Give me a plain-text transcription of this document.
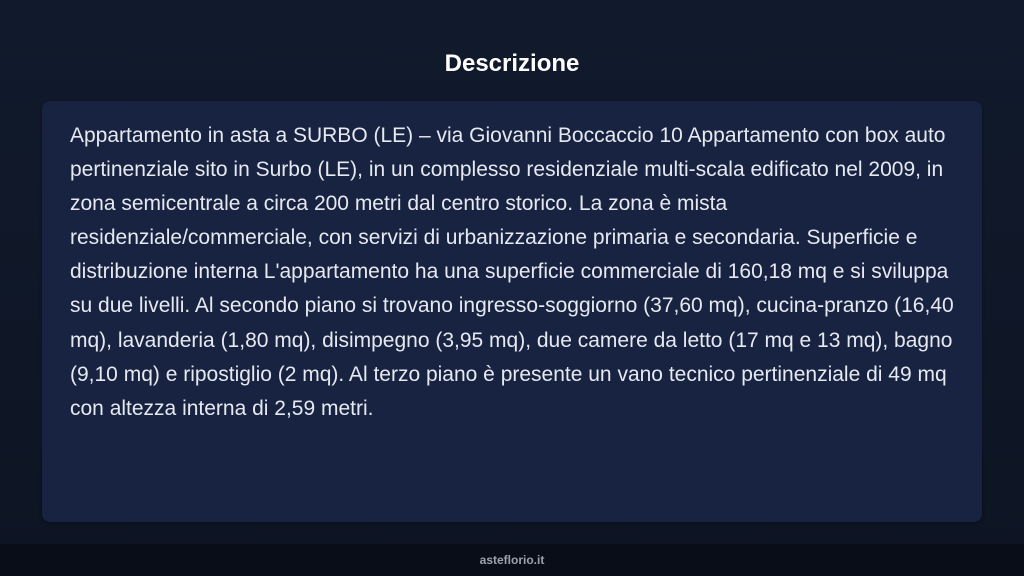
Descrizione

Appartamento in asta a SURBO (LE) – via Giovanni Boccaccio 10 Appartamento con box auto pertinenziale sito in Surbo (LE), in un complesso residenziale multi-scala edificato nel 2009, in zona semicentrale a circa 200 metri dal centro storico. La zona è mista residenziale/commerciale, con servizi di urbanizzazione primaria e secondaria. Superficie e distribuzione interna L'appartamento ha una superficie commerciale di 160,18 mq e si sviluppa su due livelli. Al secondo piano si trovano ingresso-soggiorno (37,60 mq), cucina-pranzo (16,40 mq), lavanderia (1,80 mq), disimpegno (3,95 mq), due camere da letto (17 mq e 13 mq), bagno (9,10 mq) e ripostiglio (2 mq). Al terzo piano è presente un vano tecnico pertinenziale di 49 mq con altezza interna di 2,59 metri.

asteflorio.it
